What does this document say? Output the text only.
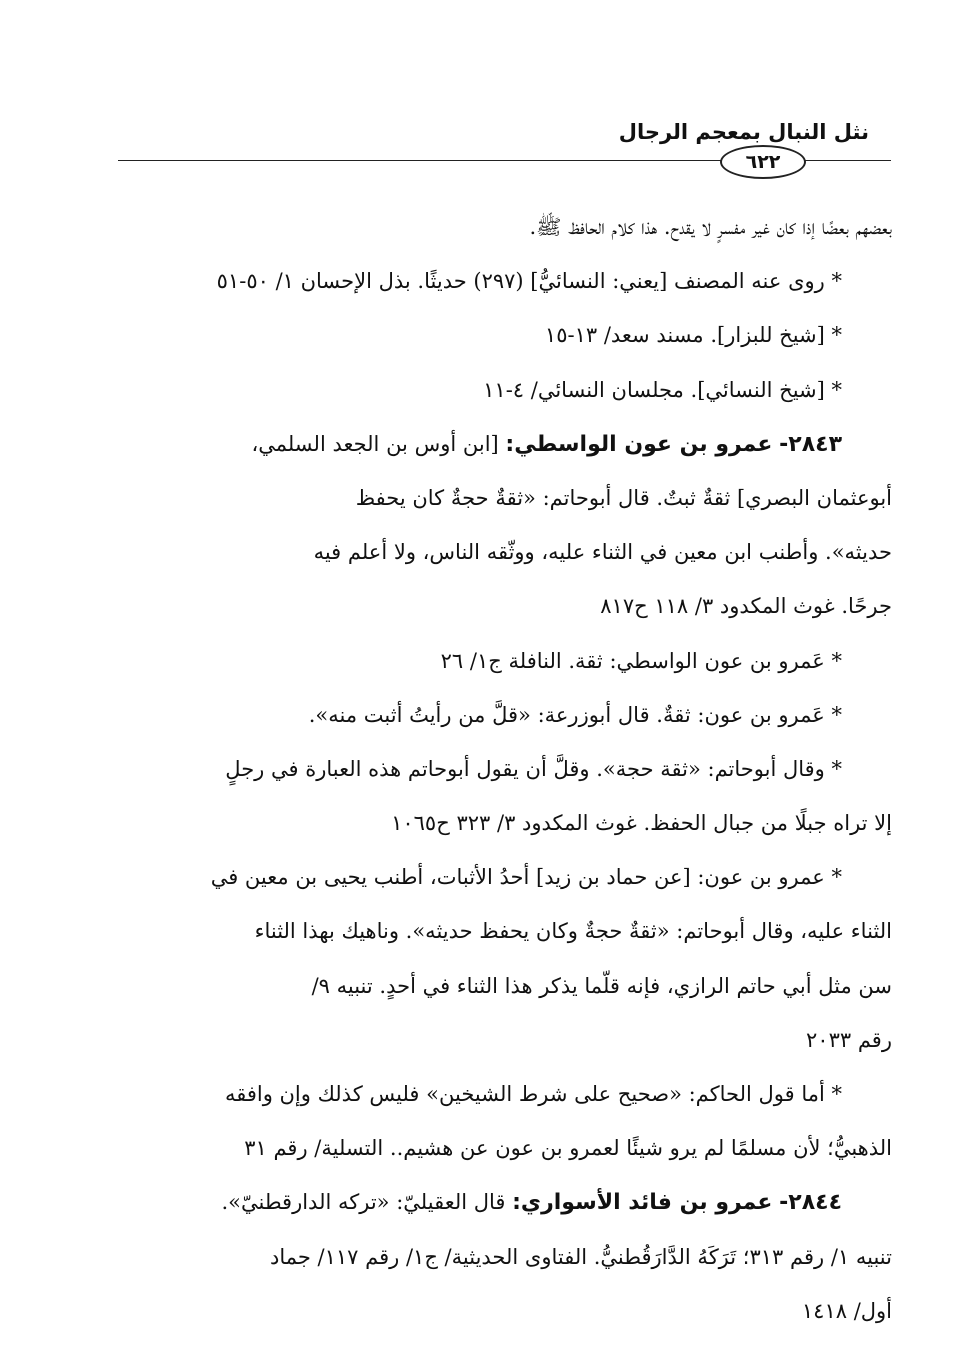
نثل النبال بمعجم الرجال
٦٢٢
بعضهم بعضًا إذا كان غير مفسرٍ لا يقدح. هذا كلام الحافظ ﷺ.
* روى عنه المصنف [يعني: النسائيُّ] (٢٩٧) حديثًا. بذل الإحسان ١/ ٥٠-٥١
* [شيخ للبزار]. مسند سعد/ ١٣-١٥
* [شيخ النسائي]. مجلسان النسائي/ ٤-١١
٢٨٤٣- عمرو بن عون الواسطي: [ابن أوس بن الجعد السلمي،
أبوعثمان البصري] ثقةٌ ثبتٌ. قال أبوحاتم: «ثقةٌ حجةٌ كان يحفظ
حديثه». وأطنب ابن معين في الثناء عليه، ووثّقه الناس، ولا أعلم فيه
جرحًا. غوث المكدود ٣/ ١١٨ ح٨١٧
* عَمرو بن عون الواسطي: ثقة. النافلة ج١/ ٢٦
* عَمرو بن عون: ثقةٌ. قال أبوزرعة: «قلَّ من رأيتُ أثبت منه».
* وقال أبوحاتم: «ثقة حجة». وقلَّ أن يقول أبوحاتم هذه العبارة في رجلٍ
إلا تراه جبلًا من جبال الحفظ. غوث المكدود ٣/ ٣٢٣ ح١٠٦٥
* عمرو بن عون: [عن حماد بن زيد] أحدُ الأثبات، أطنب يحيى بن معين في
الثناء عليه، وقال أبوحاتم: «ثقةٌ حجةٌ وكان يحفظ حديثه». وناهيك بهذا الثناء
سن مثل أبي حاتم الرازي، فإنه قلّما يذكر هذا الثناء في أحدٍ. تنبيه ٩/
رقم ٢٠٣٣
* أما قول الحاكم: «صحيح على شرط الشيخين» فليس كذلك وإن وافقه
الذهبيُّ؛ لأن مسلمًا لم يرو شيئًا لعمرو بن عون عن هشيم.. التسلية/ رقم ٣١
٢٨٤٤- عمرو بن فائد الأسواري: قال العقيليّ: «تركه الدارقطنيّ».
تنبيه ١/ رقم ٣١٣؛ تَرَكَهُ الدَّارَقُطنيُّ. الفتاوى الحديثية/ ج١/ رقم ١١٧/ جماد
أول/ ١٤١٨
